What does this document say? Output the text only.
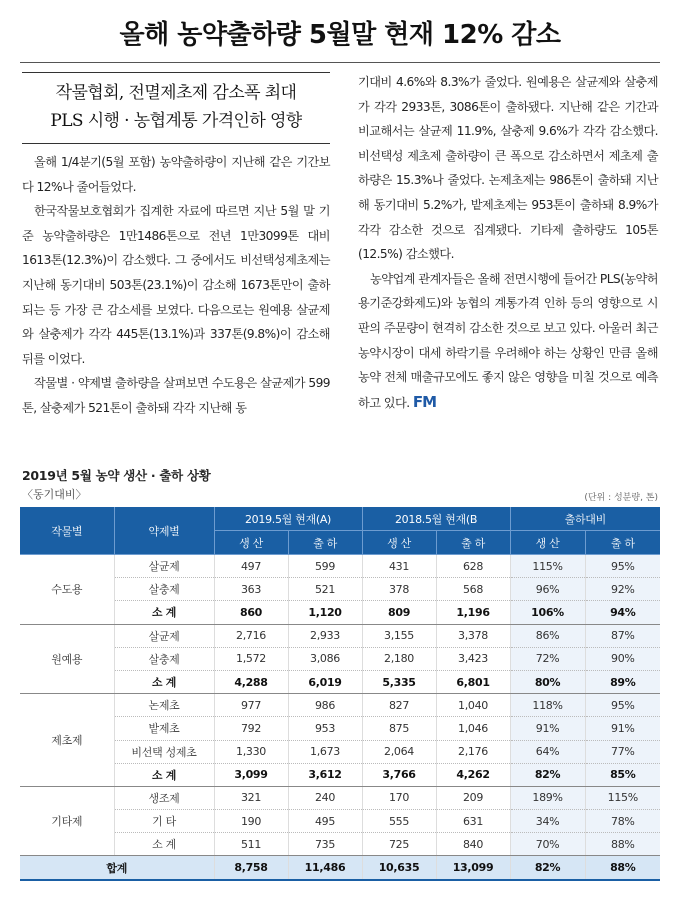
올해 농약출하량 5월말 현재 12% 감소
작물협회, 전멸제초제 감소폭 최대
PLS 시행 · 농협계통 가격인하 영향

올해 1/4분기(5월 포함) 농약출하량이 지난해 같은 기간보다 12%나 줄어들었다.

한국작물보호협회가 집계한 자료에 따르면 지난 5월 말 기준 농약출하량은 1만1486톤으로 전년 1만3099톤 대비 1613톤(12.3%)이 감소했다. 그 중에서도 비선택성제초제는 지난해 동기대비 503톤(23.1%)이 감소해 1673톤만이 출하되는 등 가장 큰 감소세를 보였다. 다음으로는 원예용 살균제와 살충제가 각각 445톤(13.1%)과 337톤(9.8%)이 감소해 뒤를 이었다.

작물별 · 약제별 출하량을 살펴보면 수도용은 살균제가 599톤, 살충제가 521톤이 출하돼 각각 지난해 동

기대비 4.6%와 8.3%가 줄었다. 원예용은 살균제와 살충제가 각각 2933톤, 3086톤이 출하됐다. 지난해 같은 기간과 비교해서는 살균제 11.9%, 살충제 9.6%가 각각 감소했다. 비선택성 제초제 출하량이 큰 폭으로 감소하면서 제초제 출하량은 15.3%나 줄었다. 논제초제는 986톤이 출하돼 지난해 동기대비 5.2%가, 밭제초제는 953톤이 출하돼 8.9%가 각각 감소한 것으로 집계됐다. 기타제 출하량도 105톤(12.5%) 감소했다.

농약업계 관계자들은 올해 전면시행에 들어간 PLS(농약허용기준강화제도)와 농협의 계통가격 인하 등의 영향으로 시판의 주문량이 현격히 감소한 것으로 보고 있다. 아울러 최근 농약시장이 대세 하락기를 우려해야 하는 상황인 만큼 올해 농약 전체 매출규모에도 좋지 않은 영향을 미칠 것으로 예측하고 있다. FM

2019년 5월 농약 생산 · 출하 상황
〈동기대비〉	(단위 : 성분량, 톤)
작물별	약제별	2019.5월 현재(A)		2018.5월 현재(B		출하대비	
		생 산	출 하	생 산	출 하	생 산	출 하
수도용	살균제	497	599	431	628	115%	95%
	살충제	363	521	378	568	96%	92%
	소 계	860	1,120	809	1,196	106%	94%
원예용	살균제	2,716	2,933	3,155	3,378	86%	87%
	살충제	1,572	3,086	2,180	3,423	72%	90%
	소 계	4,288	6,019	5,335	6,801	80%	89%
제초제	논제초	977	986	827	1,040	118%	95%
	밭제초	792	953	875	1,046	91%	91%
	비선택 성제초	1,330	1,673	2,064	2,176	64%	77%
	소 계	3,099	3,612	3,766	4,262	82%	85%
기타제	생조제	321	240	170	209	189%	115%
	기 타	190	495	555	631	34%	78%
	소 계	511	735	725	840	70%	88%
합계		8,758	11,486	10,635	13,099	82%	88%
